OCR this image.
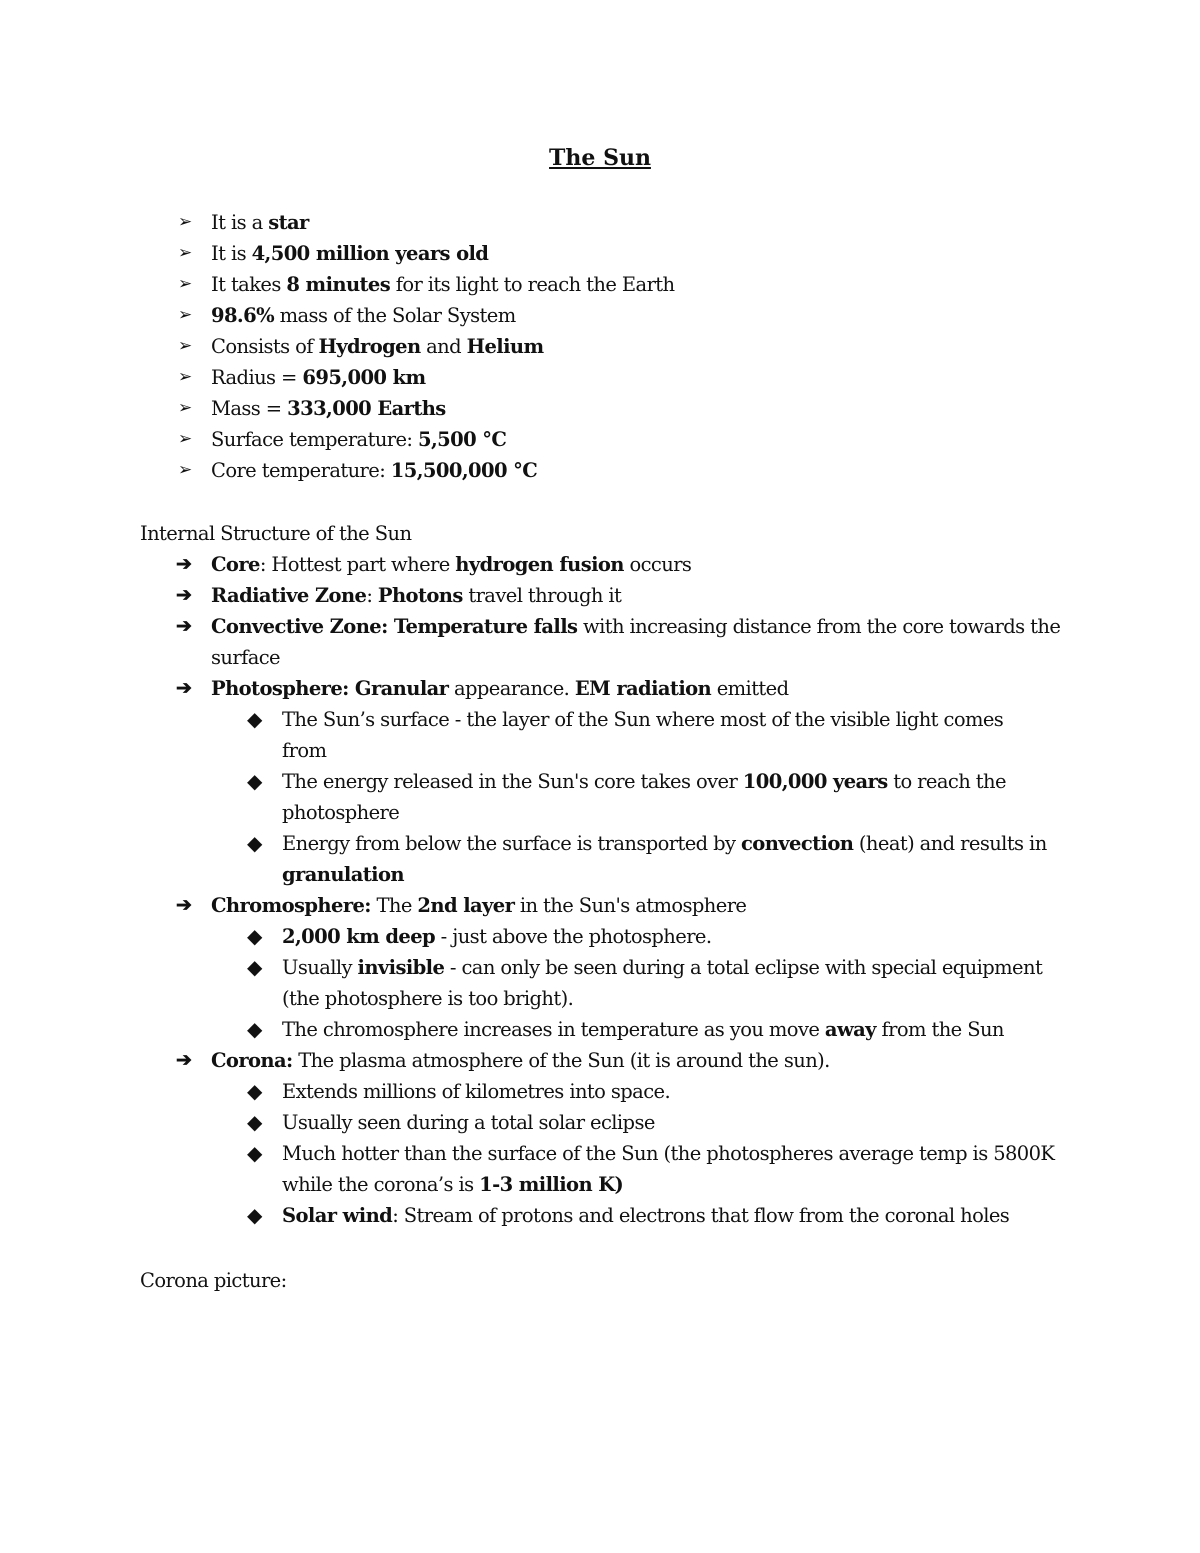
The Sun
➢ It is a star
➢ It is 4,500 million years old
➢ It takes 8 minutes for its light to reach the Earth
➢ 98.6% mass of the Solar System
➢ Consists of Hydrogen and Helium
➢ Radius = 695,000 km
➢ Mass = 333,000 Earths
➢ Surface temperature: 5,500 °C
➢ Core temperature: 15,500,000 °C
Internal Structure of the Sun
➔ Core: Hottest part where hydrogen fusion occurs
➔ Radiative Zone: Photons travel through it
➔ Convective Zone: Temperature falls with increasing distance from the core towards the
surface
➔ Photosphere: Granular appearance. EM radiation emitted
◆ The Sun’s surface - the layer of the Sun where most of the visible light comes
from
◆ The energy released in the Sun's core takes over 100,000 years to reach the
photosphere
◆ Energy from below the surface is transported by convection (heat) and results in
granulation
➔ Chromosphere: The 2nd layer in the Sun's atmosphere
◆ 2,000 km deep - just above the photosphere.
◆ Usually invisible - can only be seen during a total eclipse with special equipment
(the photosphere is too bright).
◆ The chromosphere increases in temperature as you move away from the Sun
➔ Corona: The plasma atmosphere of the Sun (it is around the sun).
◆ Extends millions of kilometres into space.
◆ Usually seen during a total solar eclipse
◆ Much hotter than the surface of the Sun (the photospheres average temp is 5800K
while the corona’s is 1-3 million K)
◆ Solar wind: Stream of protons and electrons that flow from the coronal holes
Corona picture:
